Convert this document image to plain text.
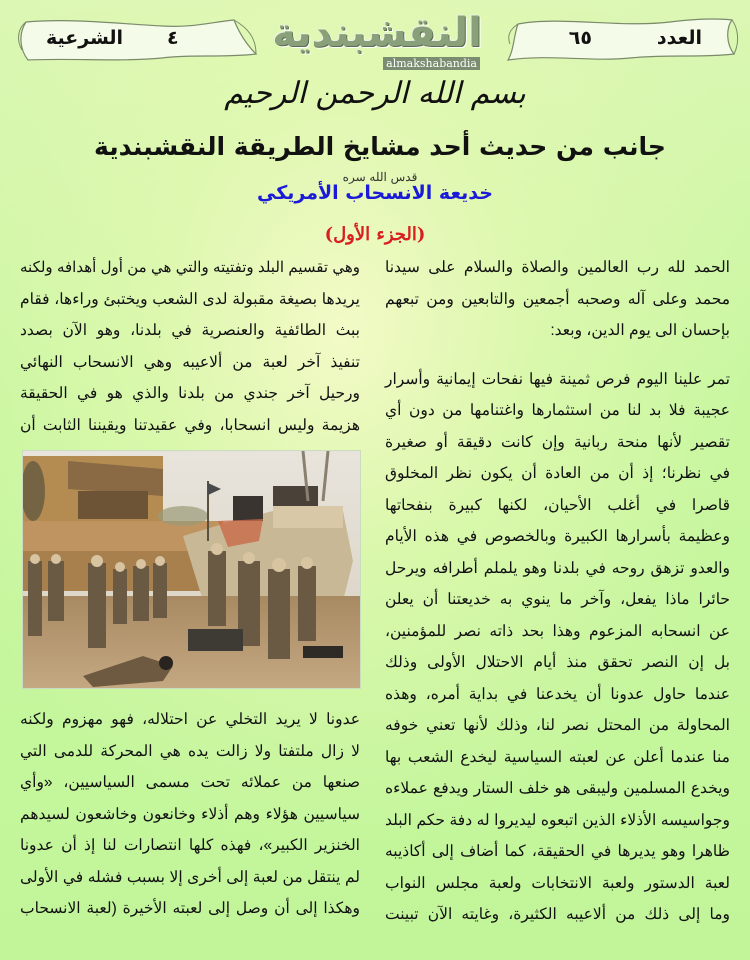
العدد
٦٥
الشرعية ٤ النقشبندية
almakshabandia
بسم الله الرحمن الرحيم
جانب من حديث أحد مشايخ الطريقة النقشبندية قدس الله سره
خديعة الانسحاب الأمريكي
(الجزء الأول)

الحمد لله رب العالمين والصلاة والسلام على سيدنا

محمد وعلى آله وصحبه أجمعين والتابعين ومن تبعهم

بإحسان الى يوم الدين، وبعد:

تمر علينا اليوم فرص ثمينة فيها نفحات إيمانية وأسرار

عجيبة فلا بد لنا من استثمارها واغتنامها من دون أي

تقصير لأنها منحة ربانية وإن كانت دقيقة أو صغيرة

في نظرنا؛ إذ أن من العادة أن يكون نظر المخلوق

قاصرا في أغلب الأحيان، لكنها كبيرة بنفحاتها

وعظيمة بأسرارها الكبيرة وبالخصوص في هذه الأيام

والعدو تزهق روحه في بلدنا وهو يلملم أطرافه ويرحل

حائرا ماذا يفعل، وآخر ما ينوي به خديعتنا أن يعلن

عن انسحابه المزعوم وهذا بحد ذاته نصر للمؤمنين،

بل إن النصر تحقق منذ أيام الاحتلال الأولى وذلك

عندما حاول عدونا أن يخدعنا في بداية أمره، وهذه

المحاولة من المحتل نصر لنا، وذلك لأنها تعني خوفه

منا عندما أعلن عن لعبته السياسية ليخدع الشعب بها

ويخدع المسلمين وليبقى هو خلف الستار ويدفع عملاءه

وجواسيسه الأذلاء الذين اتبعوه ليديروا له دفة حكم البلد

ظاهرا وهو يديرها في الحقيقة، كما أضاف إلى أكاذيبه

لعبة الدستور ولعبة الانتخابات ولعبة مجلس النواب

وما إلى ذلك من ألاعيبه الكثيرة، وغايته الآن تبينت

وهي تقسيم البلد وتفتيته والتي هي من أول أهدافه ولكنه

يريدها بصيغة مقبولة لدى الشعب ويختبئ وراءها، فقام

ببث الطائفية والعنصرية في بلدنا، وهو الآن بصدد

تنفيذ آخر لعبة من ألاعيبه وهي الانسحاب النهائي

ورحيل آخر جندي من بلدنا والذي هو في الحقيقة

هزيمة وليس انسحابا، وفي عقيدتنا ويقيننا الثابت أن

عدونا لا يريد التخلي عن احتلاله، فهو مهزوم ولكنه

لا زال ملتفتا ولا زالت يده هي المحركة للدمى التي

صنعها من عملائه تحت مسمى السياسيين، «وأي

سياسيين هؤلاء وهم أذلاء وخانعون وخاشعون لسيدهم

الخنزير الكبير»، فهذه كلها انتصارات لنا إذ أن عدونا

لم ينتقل من لعبة إلى أخرى إلا بسبب فشله في الأولى

وهكذا إلى أن وصل إلى لعبته الأخيرة (لعبة الانسحاب
